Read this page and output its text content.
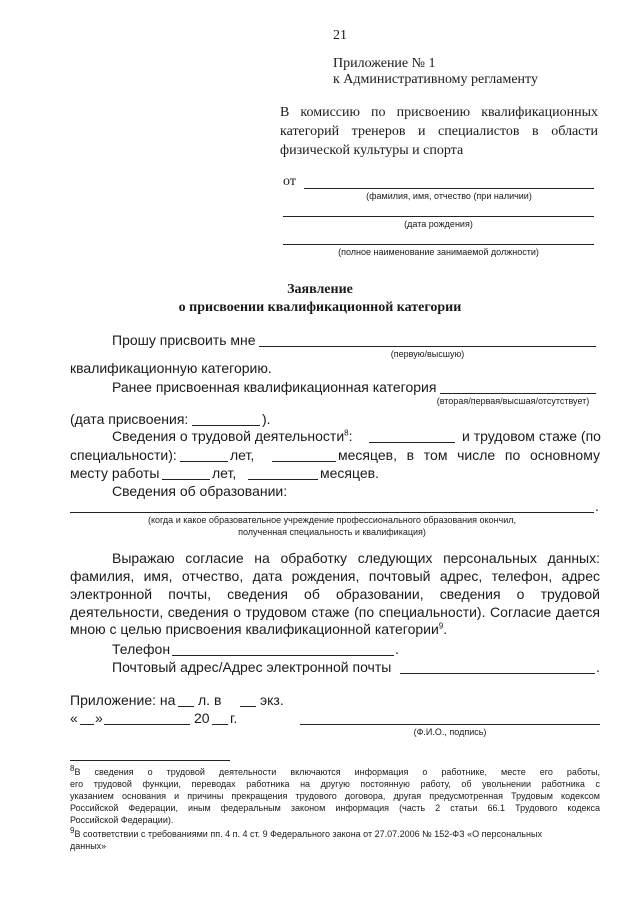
21
Приложение № 1
к Административному регламенту
В комиссию по присвоению квалификационных
категорий тренеров и специалистов в области
физической культуры и спорта
от
(фамилия, имя, отчество (при наличии)
(дата рождения)
(полное наименование занимаемой должности)
Заявление
о присвоении квалификационной категории
Прошу присвоить мне
(первую/высшую)
квалификационную категорию.
Ранее присвоенная квалификационная категория
(вторая/первая/высшая/отсутствует)
(дата присвоения:	).
Сведения о трудовой деятельности$^8$:	и трудовом стаже (по
специальности):	лет,	месяцев, в том числе по основному
месту работы	лет,	месяцев.
Сведения об образовании:
.
(когда и какое образовательное учреждение профессионального образования окончил,
полученная специальность и квалификация)
Выражаю согласие на обработку следующих персональных данных:
фамилия, имя, отчество, дата рождения, почтовый адрес, телефон, адрес
электронной почты, сведения об образовании, сведения о трудовой
деятельности, сведения о трудовом стаже (по специальности). Согласие дается
мною с целью присвоения квалификационной категории$^9$.
Телефон	.
Почтовый адрес/Адрес электронной почты	.
Приложение: на л. в	экз.
« »	20 г.
(Ф.И.О., подпись)
$^8$В сведения о трудовой деятельности включаются информация о работнике, месте его работы,
его трудовой функции, переводах работника на другую постоянную работу, об увольнении работника с
указанием основания и причины прекращения трудового договора, другая предусмотренная Трудовым кодексом
Российской Федерации, иным федеральным законом информация (часть 2 статьи 66.1 Трудового кодекса
Российской Федерации).
$^9$В соответствии с требованиями пп. 4 п. 4 ст. 9 Федерального закона от 27.07.2006 № 152-ФЗ «О персональных
данных»
